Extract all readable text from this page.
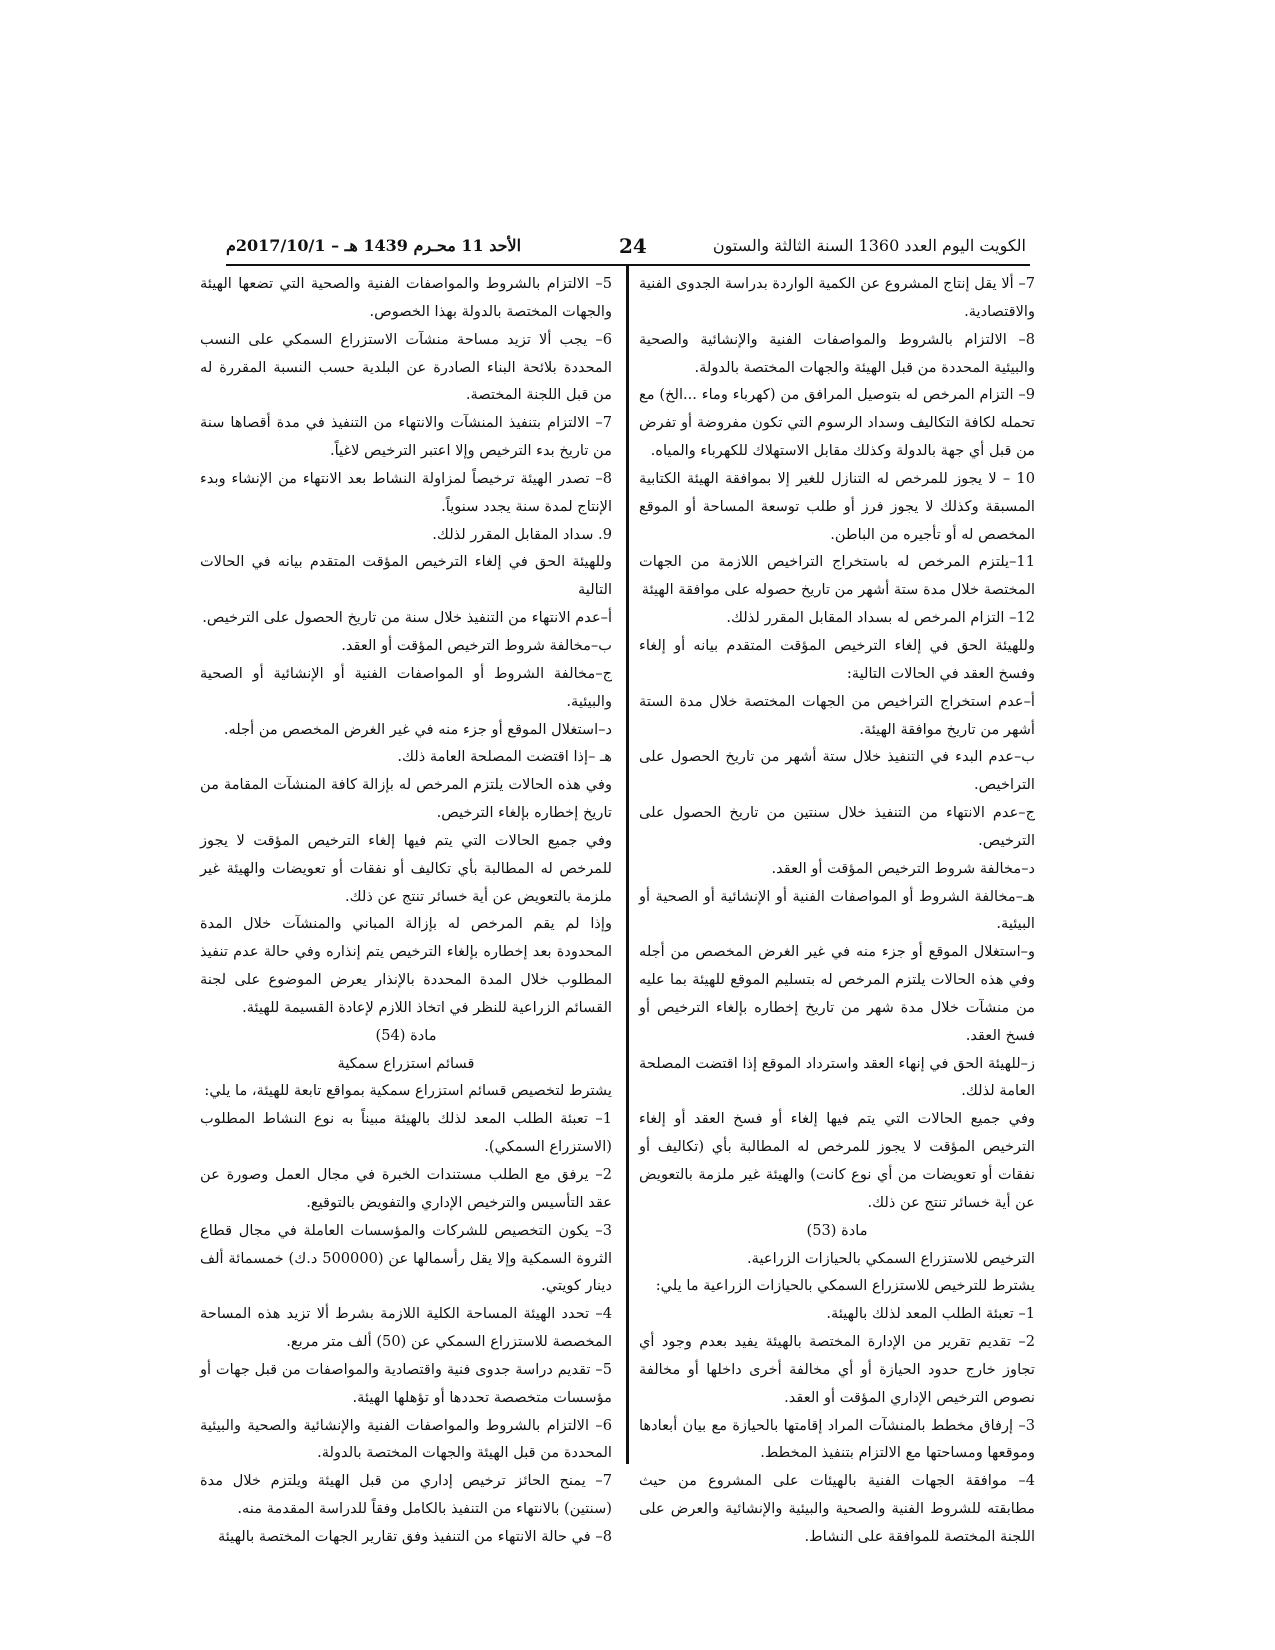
الكويت اليوم العدد 1360 السنة الثالثة والستون
24
الأحد 11 محـرم 1439 هـ – 2017/10/1م

7– ألا يقل إنتاج المشروع عن الكمية الواردة بدراسة الجدوى الفنية والاقتصادية.

8– الالتزام بالشروط والمواصفات الفنية والإنشائية والصحية والبيئية المحددة من قبل الهيئة والجهات المختصة بالدولة.

9– التزام المرخص له بتوصيل المرافق من (كهرباء وماء ...الخ) مع تحمله لكافة التكاليف وسداد الرسوم التي تكون مفروضة أو تفرض من قبل أي جهة بالدولة وكذلك مقابل الاستهلاك للكهرباء والمياه.

10 – لا يجوز للمرخص له التنازل للغير إلا بموافقة الهيئة الكتابية المسبقة وكذلك لا يجوز فرز أو طلب توسعة المساحة أو الموقع المخصص له أو تأجيره من الباطن.

11–يلتزم المرخص له باستخراج التراخيص اللازمة من الجهات المختصة خلال مدة ستة أشهر من تاريخ حصوله على موافقة الهيئة

12– التزام المرخص له بسداد المقابل المقرر لذلك.

وللهيئة الحق في إلغاء الترخيص المؤقت المتقدم بيانه أو إلغاء وفسخ العقد في الحالات التالية:

أ–عدم استخراج التراخيص من الجهات المختصة خلال مدة الستة أشهر من تاريخ موافقة الهيئة.

ب–عدم البدء في التنفيذ خلال ستة أشهر من تاريخ الحصول على التراخيص.

ج–عدم الانتهاء من التنفيذ خلال سنتين من تاريخ الحصول على الترخيص.

د–مخالفة شروط الترخيص المؤقت أو العقد.

هـ–مخالفة الشروط أو المواصفات الفنية أو الإنشائية أو الصحية أو البيئية.

و–استغلال الموقع أو جزء منه في غير الغرض المخصص من أجله وفي هذه الحالات يلتزم المرخص له بتسليم الموقع للهيئة بما عليه من منشآت خلال مدة شهر من تاريخ إخطاره بإلغاء الترخيص أو فسخ العقد.

ز–للهيئة الحق في إنهاء العقد واسترداد الموقع إذا اقتضت المصلحة العامة لذلك.

وفي جميع الحالات التي يتم فيها إلغاء أو فسخ العقد أو إلغاء الترخيص المؤقت لا يجوز للمرخص له المطالبة بأي (تكاليف أو نفقات أو تعويضات من أي نوع كانت) والهيئة غير ملزمة بالتعويض عن أية خسائر تنتج عن ذلك.

مادة (53)

الترخيص للاستزراع السمكي بالحيازات الزراعية.

يشترط للترخيص للاستزراع السمكي بالحيازات الزراعية ما يلي:

1– تعبئة الطلب المعد لذلك بالهيئة.

2– تقديم تقرير من الإدارة المختصة بالهيئة يفيد بعدم وجود أي تجاوز خارج حدود الحيازة أو أي مخالفة أخرى داخلها أو مخالفة نصوص الترخيص الإداري المؤقت أو العقد.

3– إرفاق مخطط بالمنشآت المراد إقامتها بالحيازة مع بيان أبعادها وموقعها ومساحتها مع الالتزام بتنفيذ المخطط.

4– موافقة الجهات الفنية بالهيئات على المشروع من حيث مطابقته للشروط الفنية والصحية والبيئية والإنشائية والعرض على اللجنة المختصة للموافقة على النشاط.

5– الالتزام بالشروط والمواصفات الفنية والصحية التي تضعها الهيئة والجهات المختصة بالدولة بهذا الخصوص.

6– يجب ألا تزيد مساحة منشآت الاستزراع السمكي على النسب المحددة بلائحة البناء الصادرة عن البلدية حسب النسبة المقررة له من قبل اللجنة المختصة.

7– الالتزام بتنفيذ المنشآت والانتهاء من التنفيذ في مدة أقصاها سنة من تاريخ بدء الترخيص وإلا اعتبر الترخيص لاغياً.

8– تصدر الهيئة ترخيصاً لمزاولة النشاط بعد الانتهاء من الإنشاء وبدء الإنتاج لمدة سنة يجدد سنوياً.

9. سداد المقابل المقرر لذلك.

وللهيئة الحق في إلغاء الترخيص المؤقت المتقدم بيانه في الحالات التالية

أ–عدم الانتهاء من التنفيذ خلال سنة من تاريخ الحصول على الترخيص.

ب–مخالفة شروط الترخيص المؤقت أو العقد.

ج–مخالفة الشروط أو المواصفات الفنية أو الإنشائية أو الصحية والبيئية.

د–استغلال الموقع أو جزء منه في غير الغرض المخصص من أجله.

هـ –إذا اقتضت المصلحة العامة ذلك.

وفي هذه الحالات يلتزم المرخص له بإزالة كافة المنشآت المقامة من تاريخ إخطاره بإلغاء الترخيص.

وفي جميع الحالات التي يتم فيها إلغاء الترخيص المؤقت لا يجوز للمرخص له المطالبة بأي تكاليف أو نفقات أو تعويضات والهيئة غير ملزمة بالتعويض عن أية خسائر تنتج عن ذلك.

وإذا لم يقم المرخص له بإزالة المباني والمنشآت خلال المدة المحدودة بعد إخطاره بإلغاء الترخيص يتم إنذاره وفي حالة عدم تنفيذ المطلوب خلال المدة المحددة بالإنذار يعرض الموضوع على لجنة القسائم الزراعية للنظر في اتخاذ اللازم لإعادة القسيمة للهيئة.

مادة (54)

قسائم استزراع سمكية

يشترط لتخصيص قسائم استزراع سمكية بمواقع تابعة للهيئة، ما يلي:

1– تعبئة الطلب المعد لذلك بالهيئة مبيناً به نوع النشاط المطلوب (الاستزراع السمكي).

2– يرفق مع الطلب مستندات الخبرة في مجال العمل وصورة عن عقد التأسيس والترخيص الإداري والتفويض بالتوقيع.

3– يكون التخصيص للشركات والمؤسسات العاملة في مجال قطاع الثروة السمكية وإلا يقل رأسمالها عن (500000 د.ك) خمسمائة ألف دينار كويتي.

4– تحدد الهيئة المساحة الكلية اللازمة بشرط ألا تزيد هذه المساحة المخصصة للاستزراع السمكي عن (50) ألف متر مربع.

5– تقديم دراسة جدوى فنية واقتصادية والمواصفات من قبل جهات أو مؤسسات متخصصة تحددها أو تؤهلها الهيئة.

6– الالتزام بالشروط والمواصفات الفنية والإنشائية والصحية والبيئية المحددة من قبل الهيئة والجهات المختصة بالدولة.

7– يمنح الحائز ترخيص إداري من قبل الهيئة ويلتزم خلال مدة (سنتين) بالانتهاء من التنفيذ بالكامل وفقاً للدراسة المقدمة منه.

8– في حالة الانتهاء من التنفيذ وفق تقارير الجهات المختصة بالهيئة
